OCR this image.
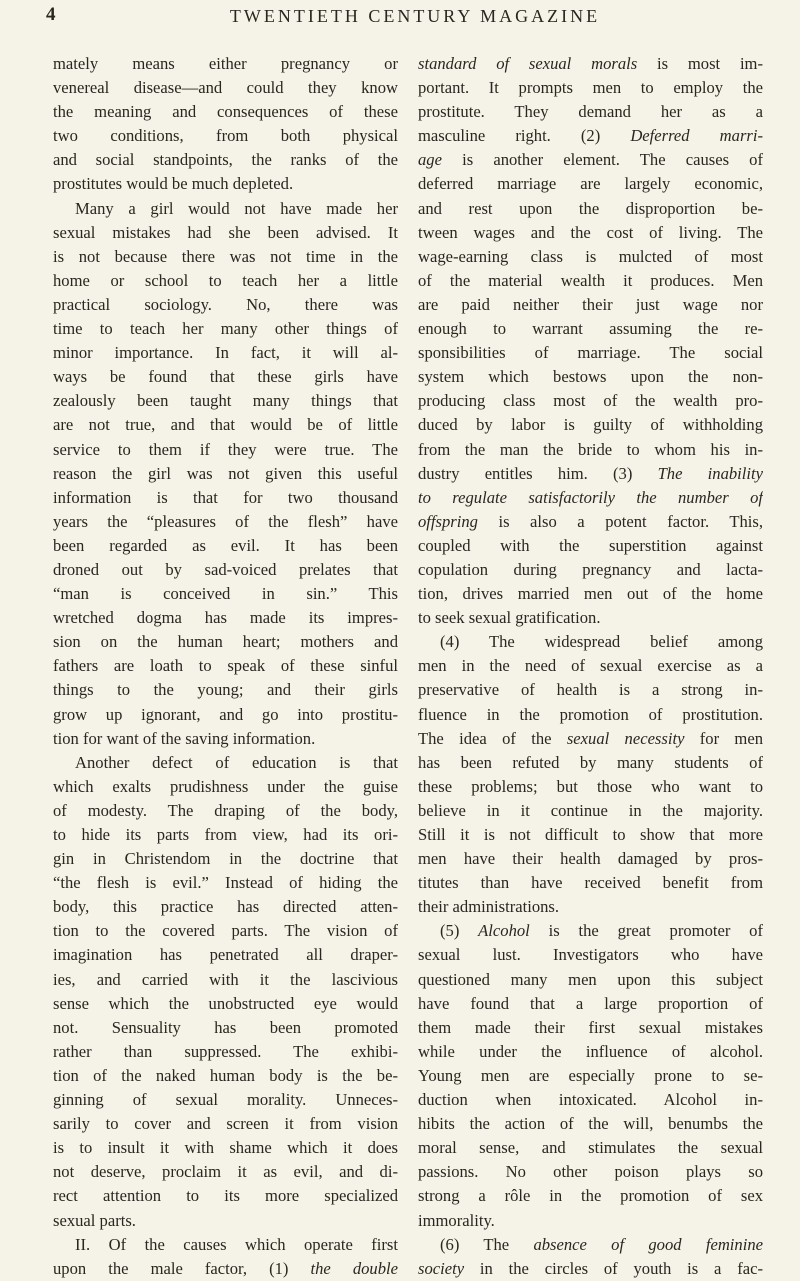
4	TWENTIETH CENTURY MAGAZINE
mately means either pregnancy or
venereal disease—and could they know
the meaning and consequences of these
two conditions, from both physical
and social standpoints, the ranks of the
prostitutes would be much depleted.
Many a girl would not have made her
sexual mistakes had she been advised. It
is not because there was not time in the
home or school to teach her a little
practical sociology. No, there was
time to teach her many other things of
minor importance. In fact, it will al-
ways be found that these girls have
zealously been taught many things that
are not true, and that would be of little
service to them if they were true. The
reason the girl was not given this useful
information is that for two thousand
years the “pleasures of the flesh” have
been regarded as evil. It has been
droned out by sad-voiced prelates that
“man is conceived in sin.” This
wretched dogma has made its impres-
sion on the human heart; mothers and
fathers are loath to speak of these sinful
things to the young; and their girls
grow up ignorant, and go into prostitu-
tion for want of the saving information.
Another defect of education is that
which exalts prudishness under the guise
of modesty. The draping of the body,
to hide its parts from view, had its ori-
gin in Christendom in the doctrine that
“the flesh is evil.” Instead of hiding the
body, this practice has directed atten-
tion to the covered parts. The vision of
imagination has penetrated all draper-
ies, and carried with it the lascivious
sense which the unobstructed eye would
not. Sensuality has been promoted
rather than suppressed. The exhibi-
tion of the naked human body is the be-
ginning of sexual morality. Unneces-
sarily to cover and screen it from vision
is to insult it with shame which it does
not deserve, proclaim it as evil, and di-
rect attention to its more specialized
sexual parts.
II. Of the causes which operate first
upon the male factor, (1) the double
standard of sexual morals is most im-
portant. It prompts men to employ the
prostitute. They demand her as a
masculine right. (2) Deferred marri-
age is another element. The causes of
deferred marriage are largely economic,
and rest upon the disproportion be-
tween wages and the cost of living. The
wage-earning class is mulcted of most
of the material wealth it produces. Men
are paid neither their just wage nor
enough to warrant assuming the re-
sponsibilities of marriage. The social
system which bestows upon the non-
producing class most of the wealth pro-
duced by labor is guilty of withholding
from the man the bride to whom his in-
dustry entitles him. (3) The inability
to regulate satisfactorily the number of
offspring is also a potent factor. This,
coupled with the superstition against
copulation during pregnancy and lacta-
tion, drives married men out of the home
to seek sexual gratification.
(4) The widespread belief among
men in the need of sexual exercise as a
preservative of health is a strong in-
fluence in the promotion of prostitution.
The idea of the sexual necessity for men
has been refuted by many students of
these problems; but those who want to
believe in it continue in the majority.
Still it is not difficult to show that more
men have their health damaged by pros-
titutes than have received benefit from
their administrations.
(5) Alcohol is the great promoter of
sexual lust. Investigators who have
questioned many men upon this subject
have found that a large proportion of
them made their first sexual mistakes
while under the influence of alcohol.
Young men are especially prone to se-
duction when intoxicated. Alcohol in-
hibits the action of the will, benumbs the
moral sense, and stimulates the sexual
passions. No other poison plays so
strong a rôle in the promotion of sex
immorality.
(6) The absence of good feminine
society in the circles of youth is a fac-
